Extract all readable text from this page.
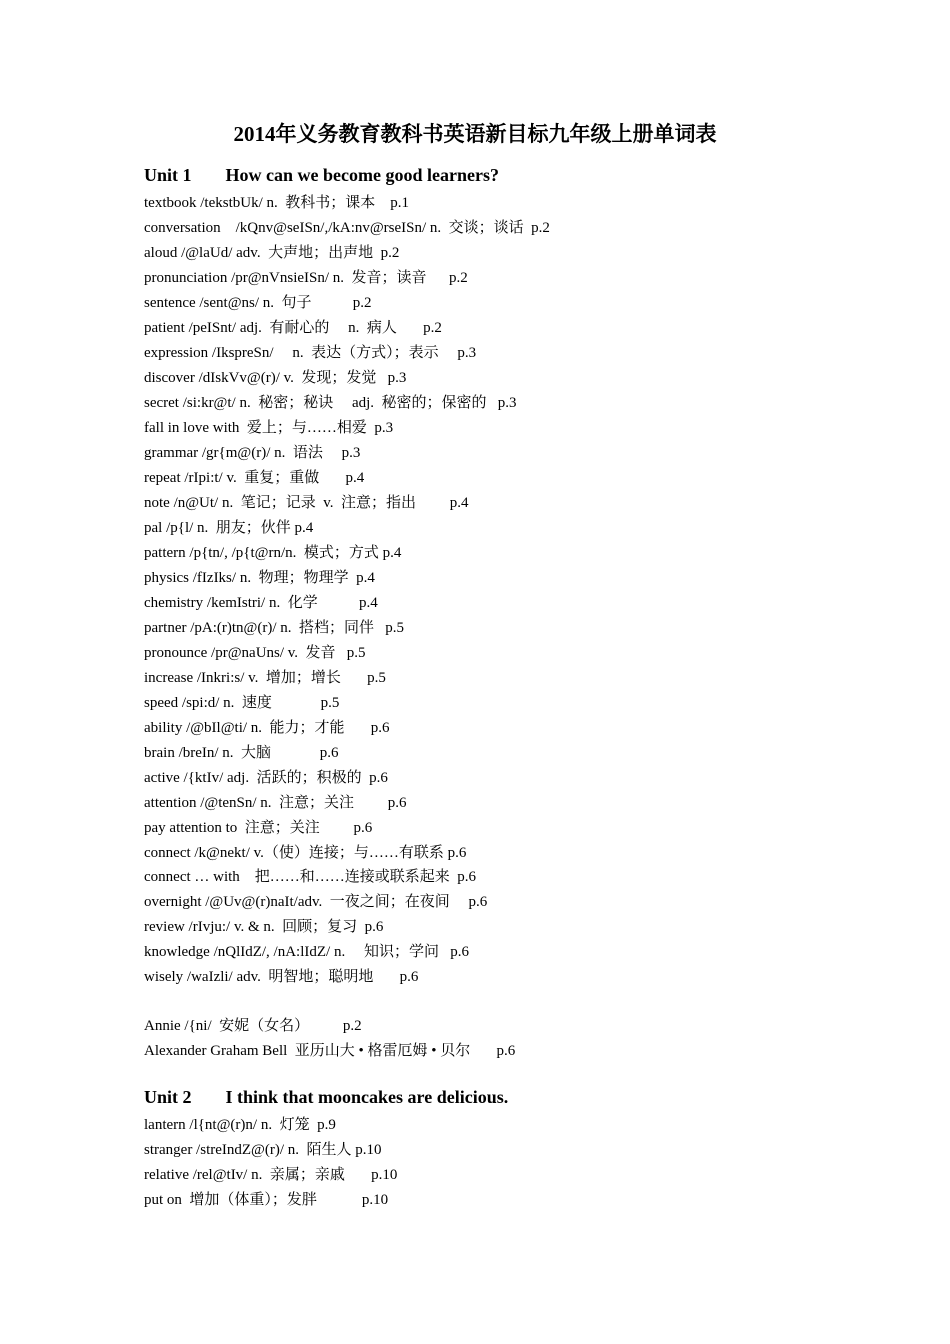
2014年义务教育教科书英语新目标九年级上册单词表
Unit 1 How can we become good learners?
textbook /tekstbUk/ n.  教科书；课本    p.1
conversation    /kQnv@seISn/,/kA:nv@rseISn/ n.  交谈；谈话  p.2
aloud /@laUd/ adv.  大声地；出声地  p.2
pronunciation /pr@nVnsieISn/ n.  发音；读音      p.2
sentence /sent@ns/ n.  句子           p.2
patient /peISnt/ adj.  有耐心的     n.  病人       p.2
expression /IkspreSn/     n.  表达（方式）；表示     p.3
discover /dIskVv@(r)/ v.  发现；发觉   p.3
secret /si:kr@t/ n.  秘密；秘诀     adj.  秘密的；保密的   p.3
fall in love with  爱上；与……相爱  p.3
grammar /gr{m@(r)/ n.  语法     p.3
repeat /rIpi:t/ v.  重复；重做       p.4
note /n@Ut/ n.  笔记；记录  v.  注意；指出         p.4
pal /p{l/ n.  朋友；伙伴 p.4
pattern /p{tn/, /p{t@rn/n.  模式；方式 p.4
physics /fIzIks/ n.  物理；物理学  p.4
chemistry /kemIstri/ n.  化学           p.4
partner /pA:(r)tn@(r)/ n.  搭档；同伴   p.5
pronounce /pr@naUns/ v.  发音   p.5
increase /Inkri:s/ v.  增加；增长       p.5
speed /spi:d/ n.  速度             p.5
ability /@bIl@ti/ n.  能力；才能       p.6
brain /breIn/ n.  大脑             p.6
active /{ktIv/ adj.  活跃的；积极的  p.6
attention /@tenSn/ n.  注意；关注         p.6
pay attention to  注意；关注         p.6
connect /k@nekt/ v.（使）连接；与……有联系 p.6
connect … with    把……和……连接或联系起来  p.6
overnight /@Uv@(r)naIt/adv.  一夜之间；在夜间     p.6
review /rIvju:/ v. & n.  回顾；复习  p.6
knowledge /nQlIdZ/, /nA:lIdZ/ n.     知识；学问   p.6
wisely /waIzli/ adv.  明智地；聪明地       p.6
Annie /{ni/  安妮（女名）         p.2
Alexander Graham Bell  亚历山大 • 格雷厄姆 • 贝尔       p.6
Unit 2 I think that mooncakes are delicious.
lantern /l{nt@(r)n/ n.  灯笼  p.9
stranger /streIndZ@(r)/ n.  陌生人 p.10
relative /rel@tIv/ n.  亲属；亲戚       p.10
put on  增加（体重）；发胖            p.10
